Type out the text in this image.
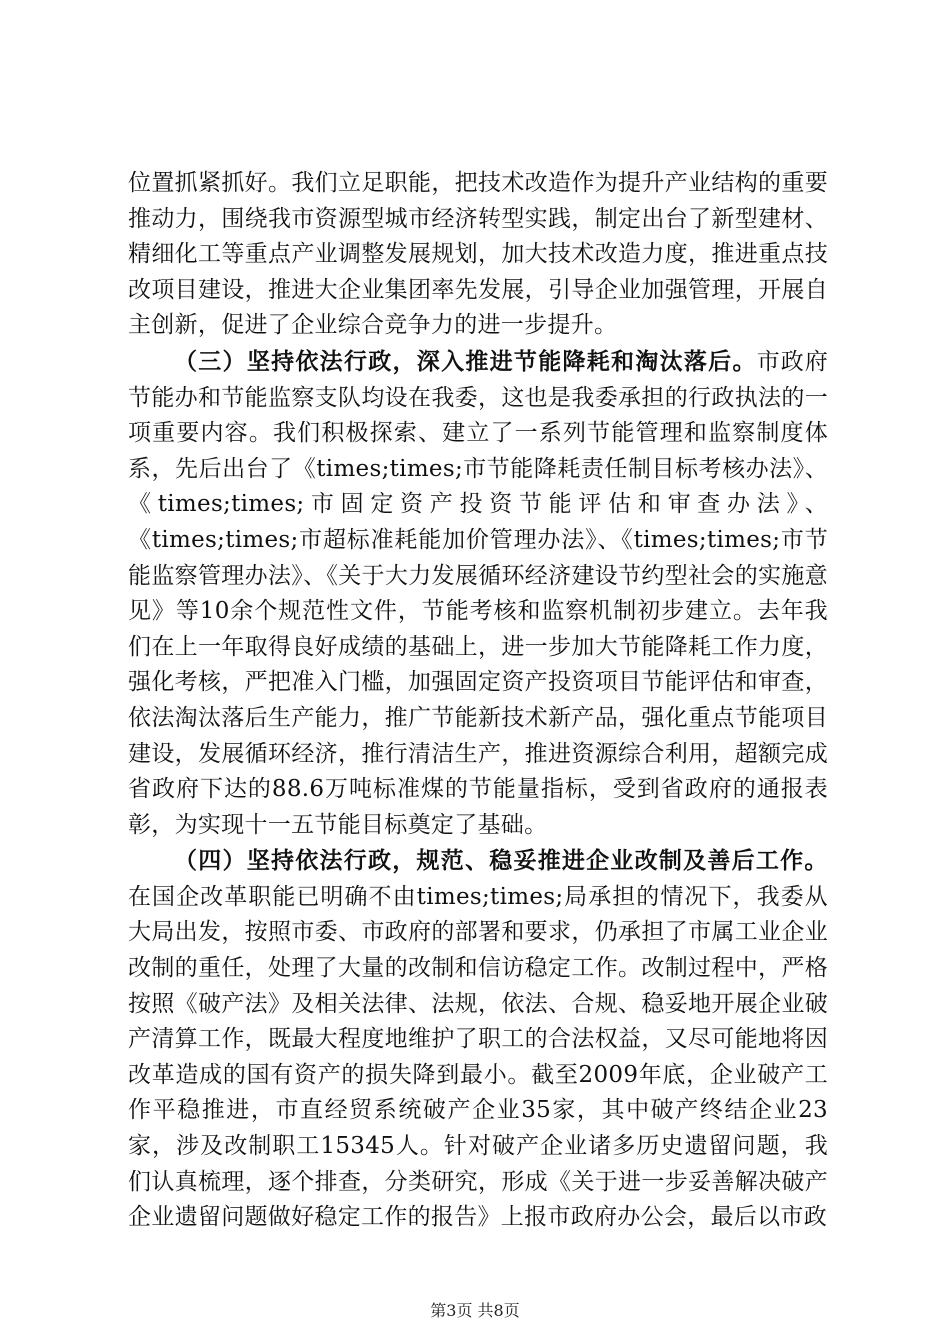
位置抓紧抓好。我们立足职能，把技术改造作为提升产业结构的重要推动力，围绕我市资源型城市经济转型实践，制定出台了新型建材、精细化工等重点产业调整发展规划，加大技术改造力度，推进重点技改项目建设，推进大企业集团率先发展，引导企业加强管理，开展自主创新，促进了企业综合竞争力的进一步提升。

（三）坚持依法行政，深入推进节能降耗和淘汰落后。市政府节能办和节能监察支队均设在我委，这也是我委承担的行政执法的一项重要内容。我们积极探索、建立了一系列节能管理和监察制度体系，先后出台了《times;times;市节能降耗责任制目标考核办法》、《times;times;市固定资产投资节能评估和审查办法》、《times;times;市超标准耗能加价管理办法》、《times;times;市节能监察管理办法》、《关于大力发展循环经济建设节约型社会的实施意见》等10余个规范性文件，节能考核和监察机制初步建立。去年我们在上一年取得良好成绩的基础上，进一步加大节能降耗工作力度，强化考核，严把准入门槛，加强固定资产投资项目节能评估和审查，依法淘汰落后生产能力，推广节能新技术新产品，强化重点节能项目建设，发展循环经济，推行清洁生产，推进资源综合利用，超额完成省政府下达的88.6万吨标准煤的节能量指标，受到省政府的通报表彰，为实现十一五节能目标奠定了基础。

（四）坚持依法行政，规范、稳妥推进企业改制及善后工作。在国企改革职能已明确不由times;times;局承担的情况下，我委从大局出发，按照市委、市政府的部署和要求，仍承担了市属工业企业改制的重任，处理了大量的改制和信访稳定工作。改制过程中，严格按照《破产法》及相关法律、法规，依法、合规、稳妥地开展企业破产清算工作，既最大程度地维护了职工的合法权益，又尽可能地将因改革造成的国有资产的损失降到最小。截至2009年底，企业破产工作平稳推进，市直经贸系统破产企业35家，其中破产终结企业23家，涉及改制职工15345人。针对破产企业诸多历史遗留问题，我们认真梳理，逐个排查，分类研究，形成《关于进一步妥善解决破产企业遗留问题做好稳定工作的报告》上报市政府办公会，最后以市政

第3页 共8页
